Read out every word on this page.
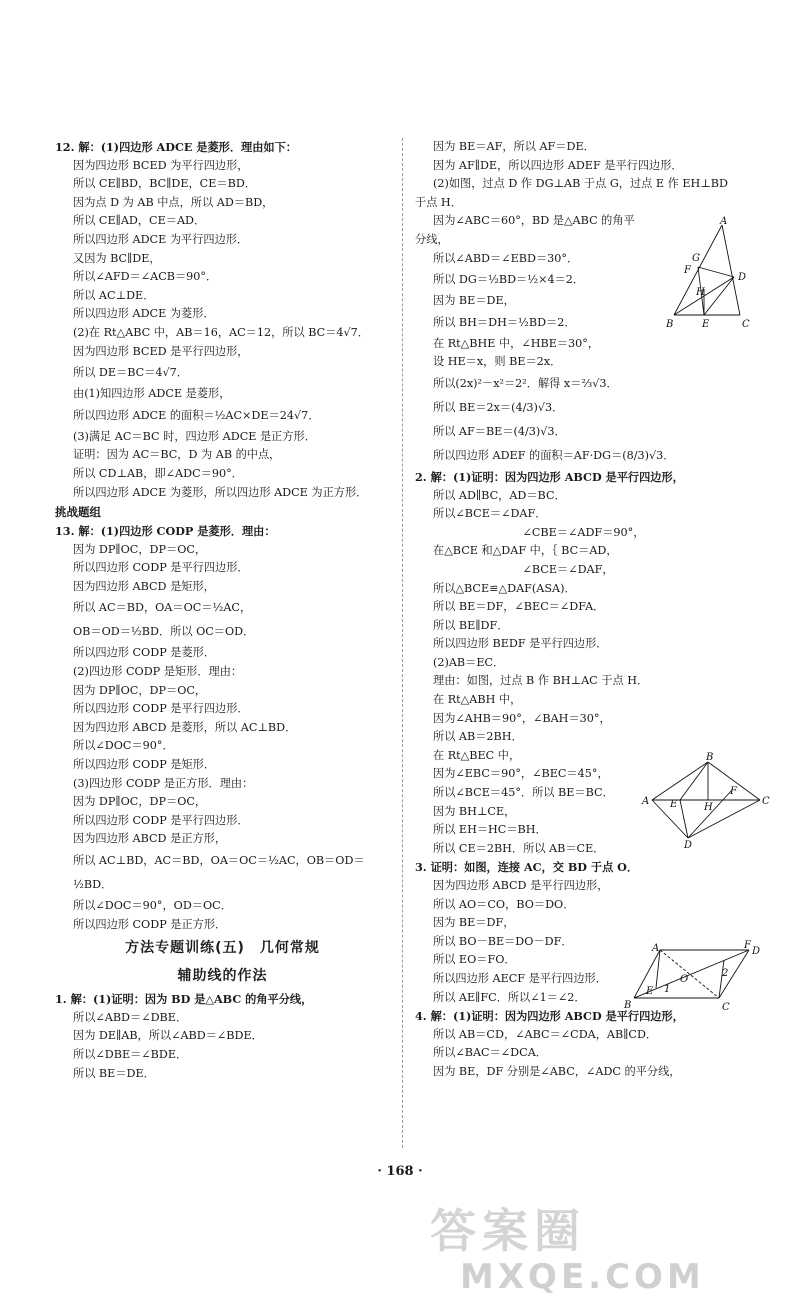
12. 解：(1)四边形 ADCE 是菱形．理由如下：
因为四边形 BCED 为平行四边形，
所以 CE∥BD，BC∥DE，CE＝BD．
因为点 D 为 AB 中点，所以 AD＝BD，
所以 CE∥AD，CE＝AD．
所以四边形 ADCE 为平行四边形．
又因为 BC∥DE，
所以∠AFD＝∠ACB＝90°．
所以 AC⊥DE．
所以四边形 ADCE 为菱形．
(2)在 Rt△ABC 中，AB＝16，AC＝12，所以 BC＝4√7．
因为四边形 BCED 是平行四边形，
所以 DE＝BC＝4√7．
由(1)知四边形 ADCE 是菱形，
所以四边形 ADCE 的面积＝½AC×DE＝24√7．
(3)满足 AC＝BC 时，四边形 ADCE 是正方形．
证明：因为 AC＝BC，D 为 AB 的中点，
所以 CD⊥AB，即∠ADC＝90°．
所以四边形 ADCE 为菱形，所以四边形 ADCE 为正方形．
挑战题组
13. 解：(1)四边形 CODP 是菱形．理由：
因为 DP∥OC，DP＝OC，
所以四边形 CODP 是平行四边形．
因为四边形 ABCD 是矩形，
所以 AC＝BD，OA＝OC＝½AC，
OB＝OD＝½BD．所以 OC＝OD．
所以四边形 CODP 是菱形．
(2)四边形 CODP 是矩形．理由：
因为 DP∥OC，DP＝OC，
所以四边形 CODP 是平行四边形．
因为四边形 ABCD 是菱形，所以 AC⊥BD．
所以∠DOC＝90°．
所以四边形 CODP 是矩形．
(3)四边形 CODP 是正方形．理由：
因为 DP∥OC，DP＝OC，
所以四边形 CODP 是平行四边形．
因为四边形 ABCD 是正方形，
所以 AC⊥BD，AC＝BD，OA＝OC＝½AC，OB＝OD＝
½BD．
所以∠DOC＝90°，OD＝OC．
所以四边形 CODP 是正方形．
方法专题训练(五)　几何常规
辅助线的作法
1. 解：(1)证明：因为 BD 是△ABC 的角平分线，
所以∠ABD＝∠DBE．
因为 DE∥AB，所以∠ABD＝∠BDE．
所以∠DBE＝∠BDE．
所以 BE＝DE．
因为 BE＝AF，所以 AF＝DE．
因为 AF∥DE，所以四边形 ADEF 是平行四边形．
(2)如图，过点 D 作 DG⊥AB 于点 G，过点 E 作 EH⊥BD
于点 H．
因为∠ABC＝60°，BD 是△ABC 的角平
分线，
所以∠ABD＝∠EBD＝30°．
所以 DG＝½BD＝½×4＝2．
因为 BE＝DE，
所以 BH＝DH＝½BD＝2．
在 Rt△BHE 中，∠HBE＝30°，
设 HE＝x，则 BE＝2x．
所以(2x)²－x²＝2²．解得 x＝⅔√3．
所以 BE＝2x＝(4/3)√3．
所以 AF＝BE＝(4/3)√3．
所以四边形 ADEF 的面积＝AF·DG＝(8/3)√3．
2. 解：(1)证明：因为四边形 ABCD 是平行四边形，
所以 AD∥BC，AD＝BC．
所以∠BCE＝∠DAF．
　　　　　　　　∠CBE＝∠ADF＝90°，
在△BCE 和△DAF 中，｛ BC＝AD，
　　　　　　　　∠BCE＝∠DAF，
所以△BCE≌△DAF(ASA)．
所以 BE＝DF，∠BEC＝∠DFA．
所以 BE∥DF．
所以四边形 BEDF 是平行四边形．
(2)AB＝EC．
理由：如图，过点 B 作 BH⊥AC 于点 H．
在 Rt△ABH 中，
因为∠AHB＝90°，∠BAH＝30°，
所以 AB＝2BH．
在 Rt△BEC 中，
因为∠EBC＝90°，∠BEC＝45°，
所以∠BCE＝45°．所以 BE＝BC．
因为 BH⊥CE，
所以 EH＝HC＝BH．
所以 CE＝2BH．所以 AB＝CE．
3. 证明：如图，连接 AC，交 BD 于点 O．
因为四边形 ABCD 是平行四边形，
所以 AO＝CO，BO＝DO．
因为 BE＝DF，
所以 BO－BE＝DO－DF．
所以 EO＝FO．
所以四边形 AECF 是平行四边形．
所以 AE∥FC．所以∠1＝∠2．
4. 解：(1)证明：因为四边形 ABCD 是平行四边形，
所以 AB＝CD，∠ABC＝∠CDA，AB∥CD．
所以∠BAC＝∠DCA．
因为 BE，DF 分别是∠ABC，∠ADC 的平分线，
A
G
F
D
H
B	E	C
B
A E	H
F
C
D
A	F
D
E 1
O
2
B	C
· 168 ·
答案圈
MXQE.COM
